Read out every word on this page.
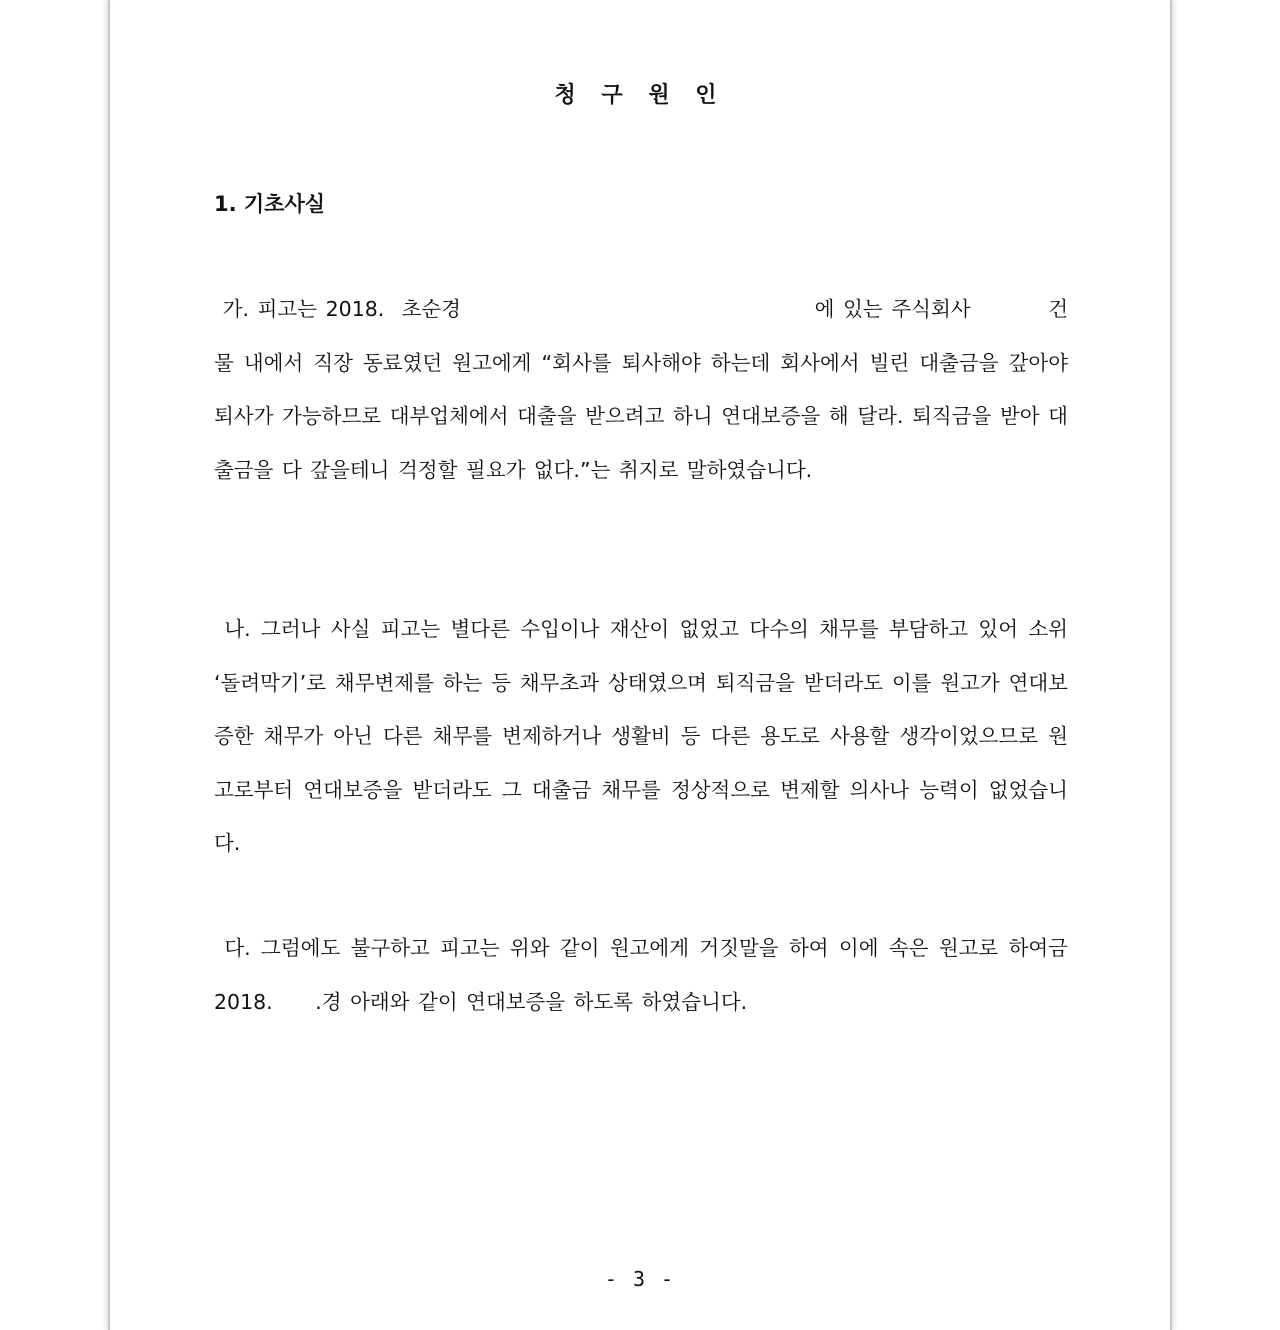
청 구 원 인
1. 기초사실
가. 피고는 2018.  초순경                                         에 있는 주식회사         건물 내에서 직장 동료였던 원고에게 “회사를 퇴사해야 하는데 회사에서 빌린 대출금을 갚아야 퇴사가 가능하므로 대부업체에서 대출을 받으려고 하니 연대보증을 해 달라. 퇴직금을 받아 대출금을 다 갚을테니 걱정할 필요가 없다.”는 취지로 말하였습니다.
나. 그러나 사실 피고는 별다른 수입이나 재산이 없었고 다수의 채무를 부담하고 있어 소위 ‘돌려막기’로 채무변제를 하는 등 채무초과 상태였으며 퇴직금을 받더라도 이를 원고가 연대보증한 채무가 아닌 다른 채무를 변제하거나 생활비 등 다른 용도로 사용할 생각이었으므로 원고로부터 연대보증을 받더라도 그 대출금 채무를 정상적으로 변제할 의사나 능력이 없었습니다.
다. 그럼에도 불구하고 피고는 위와 같이 원고에게 거짓말을 하여 이에 속은 원고로 하여금 2018.     .경 아래와 같이 연대보증을 하도록 하였습니다.
- 3 -
